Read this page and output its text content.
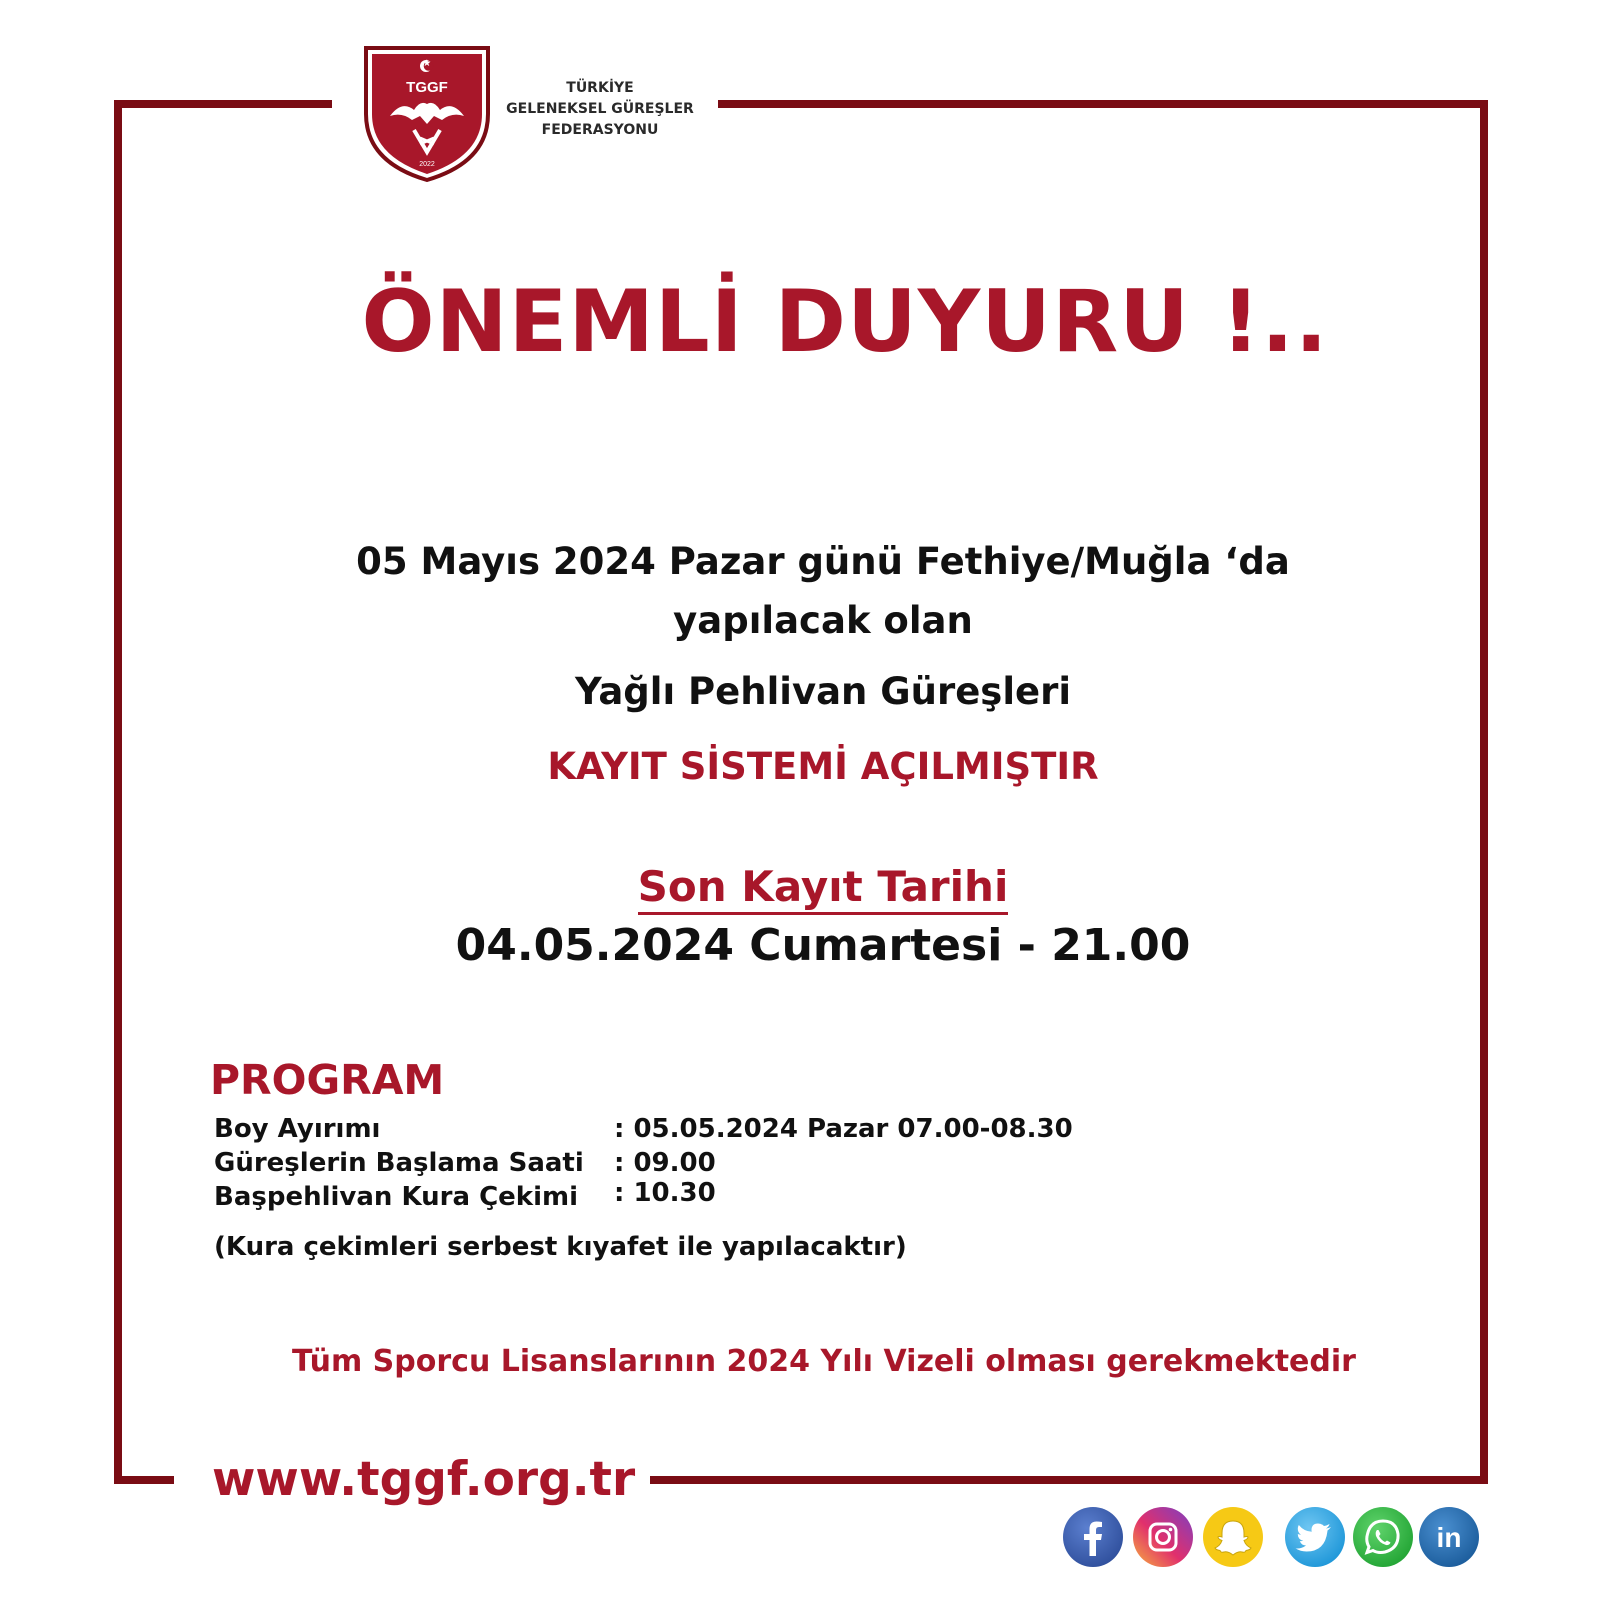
TGGF
2022
TÜRKİYE
GELENEKSEL GÜREŞLER
FEDERASYONU
ÖNEMLİ DUYURU !..
05 Mayıs 2024 Pazar günü Fethiye/Muğla ‘da
yapılacak olan
Yağlı Pehlivan Güreşleri
KAYIT SİSTEMİ AÇILMIŞTIR
Son Kayıt Tarihi
04.05.2024 Cumartesi - 21.00
PROGRAM
Boy Ayırımı	: 05.05.2024 Pazar 07.00-08.30
Güreşlerin Başlama Saati : 09.00
Başpehlivan Kura Çekimi : 10.30
(Kura çekimleri serbest kıyafet ile yapılacaktır)
Tüm Sporcu Lisanslarının 2024 Yılı Vizeli olması gerekmektedir
www.tggf.org.tr
in
